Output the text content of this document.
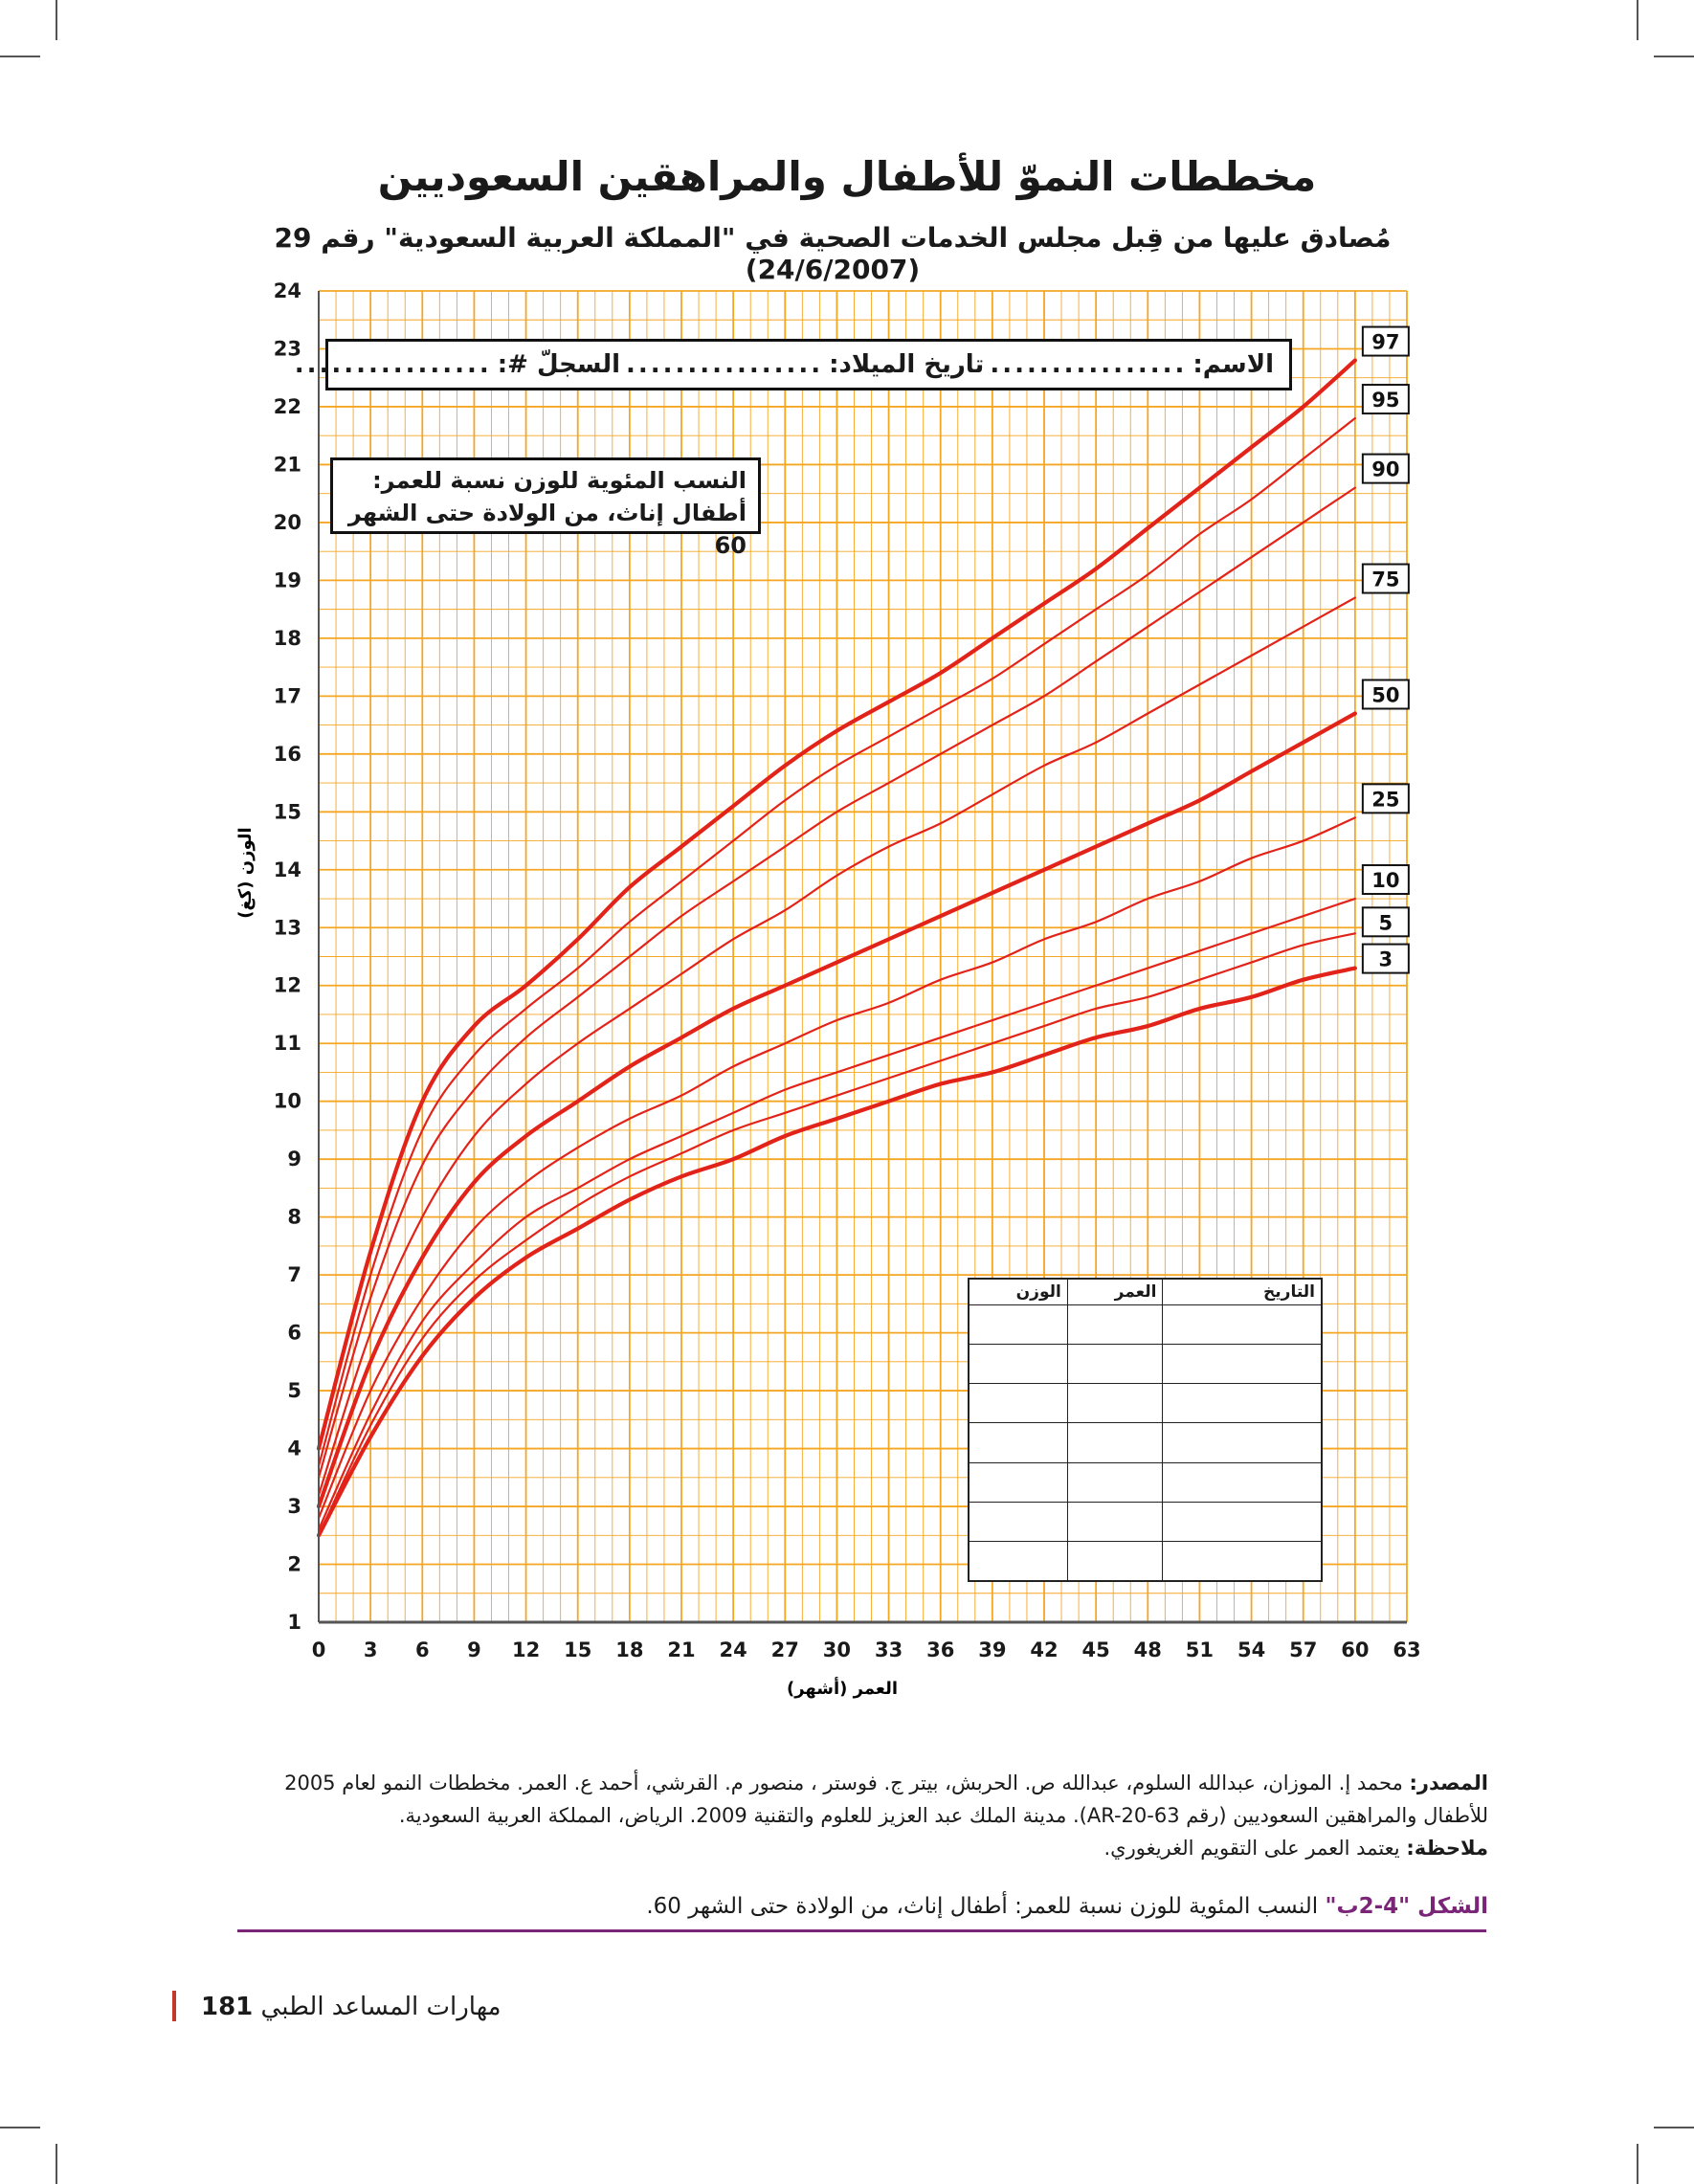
مخططات النموّ للأطفال والمراهقين السعوديين
مُصادق عليها من قِبل مجلس الخدمات الصحية في "المملكة العربية السعودية" رقم 29 (24/6/2007)
0 3 6 9 12 15 18 21 24 27 30 33 36 39 42 45 48 51 54 57 60 63
1
2
3
4
5
6
7
8
9
10
11
12
13
14
15
16
17
18
19
20
21
22
23
24
97
95
90
75
50
25
10
5
3
العمر (أشهر)
الوزن (كغ)
الاسم:
................
تاريخ الميلاد:
................
السجلّ #:
................
النسب المئوية للوزن نسبة للعمر:
أطفال إناث، من الولادة حتى الشهر 60
التاريخ	العمر	الوزن

المصدر: محمد إ. الموزان، عبدالله السلوم، عبدالله ص. الحربش، بيتر ج. فوستر ، منصور م. القرشي، أحمد ع. العمر. مخططات النمو لعام 2005 للأطفال والمراهقين السعوديين (رقم AR-20-63). مدينة الملك عبد العزيز للعلوم والتقنية 2009. الرياض، المملكة العربية السعودية.
ملاحظة: يعتمد العمر على التقويم الغريغوري.
الشكل "4-2ب" النسب المئوية للوزن نسبة للعمر: أطفال إناث، من الولادة حتى الشهر 60.
مهارات المساعد الطبي 181
